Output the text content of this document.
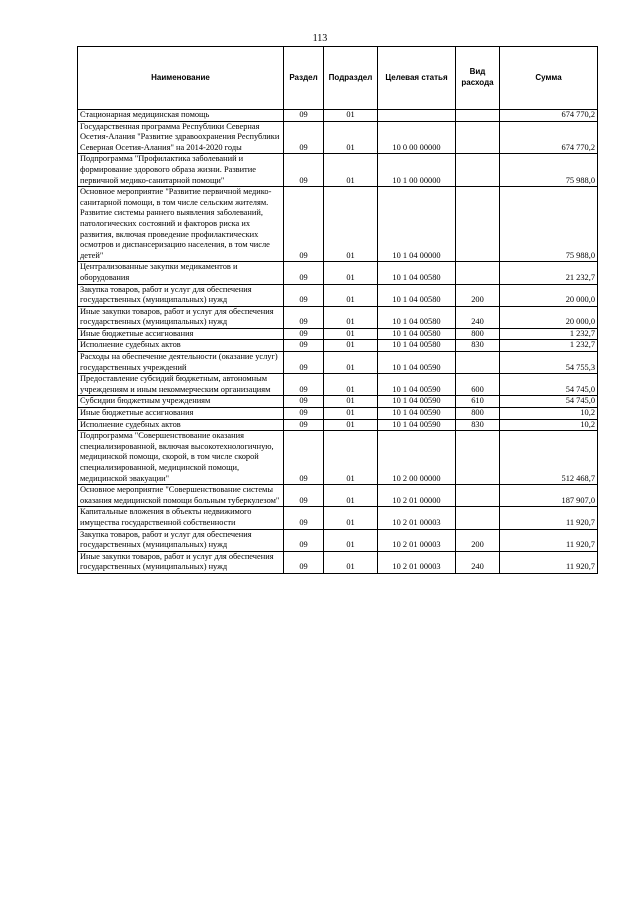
113
Наименование	Раздел	Подраздел	Целевая статья	Вид расхода	Сумма
Стационарная медицинская помощь	09	01			674 770,2
Государственная программа Республики Северная Осетия-Алания "Развитие здравоохранения Республики Северная Осетия-Алания" на 2014-2020 годы	09	01	10 0 00 00000		674 770,2
Подпрограмма "Профилактика заболеваний и формирование здорового образа жизни. Развитие первичной медико-санитарной помощи"	09	01	10 1 00 00000		75 988,0
Основное мероприятие "Развитие первичной медико-санитарной помощи, в том числе сельским жителям. Развитие системы раннего выявления заболеваний, патологических состояний и факторов риска их развития, включая проведение профилактических осмотров и диспансеризацию населения, в том числе детей"	09	01	10 1 04 00000		75 988,0
Централизованные закупки медикаментов и оборудования	09	01	10 1 04 00580		21 232,7
Закупка товаров, работ и услуг для обеспечения государственных (муниципальных) нужд	09	01	10 1 04 00580	200	20 000,0
Иные закупки товаров, работ и услуг для обеспечения государственных (муниципальных) нужд	09	01	10 1 04 00580	240	20 000,0
Иные бюджетные ассигнования	09	01	10 1 04 00580	800	1 232,7
Исполнение судебных актов	09	01	10 1 04 00580	830	1 232,7
Расходы на обеспечение деятельности (оказание услуг) государственных учреждений	09	01	10 1 04 00590		54 755,3
Предоставление субсидий бюджетным, автономным учреждениям и иным некоммерческим организациям	09	01	10 1 04 00590	600	54 745,0
Субсидии бюджетным учреждениям	09	01	10 1 04 00590	610	54 745,0
Иные бюджетные ассигнования	09	01	10 1 04 00590	800	10,2
Исполнение судебных актов	09	01	10 1 04 00590	830	10,2
Подпрограмма "Совершенствование оказания специализированной, включая высокотехнологичную, медицинской помощи, скорой, в том числе скорой специализированной, медицинской помощи, медицинской эвакуации"	09	01	10 2 00 00000		512 468,7
Основное мероприятие "Совершенствование системы оказания медицинской помощи больным туберкулезом"	09	01	10 2 01 00000		187 907,0
Капитальные вложения в объекты недвижимого имущества государственной собственности	09	01	10 2 01 00003		11 920,7
Закупка товаров, работ и услуг для обеспечения государственных (муниципальных) нужд	09	01	10 2 01 00003	200	11 920,7
Иные закупки товаров, работ и услуг для обеспечения государственных (муниципальных) нужд	09	01	10 2 01 00003	240	11 920,7
